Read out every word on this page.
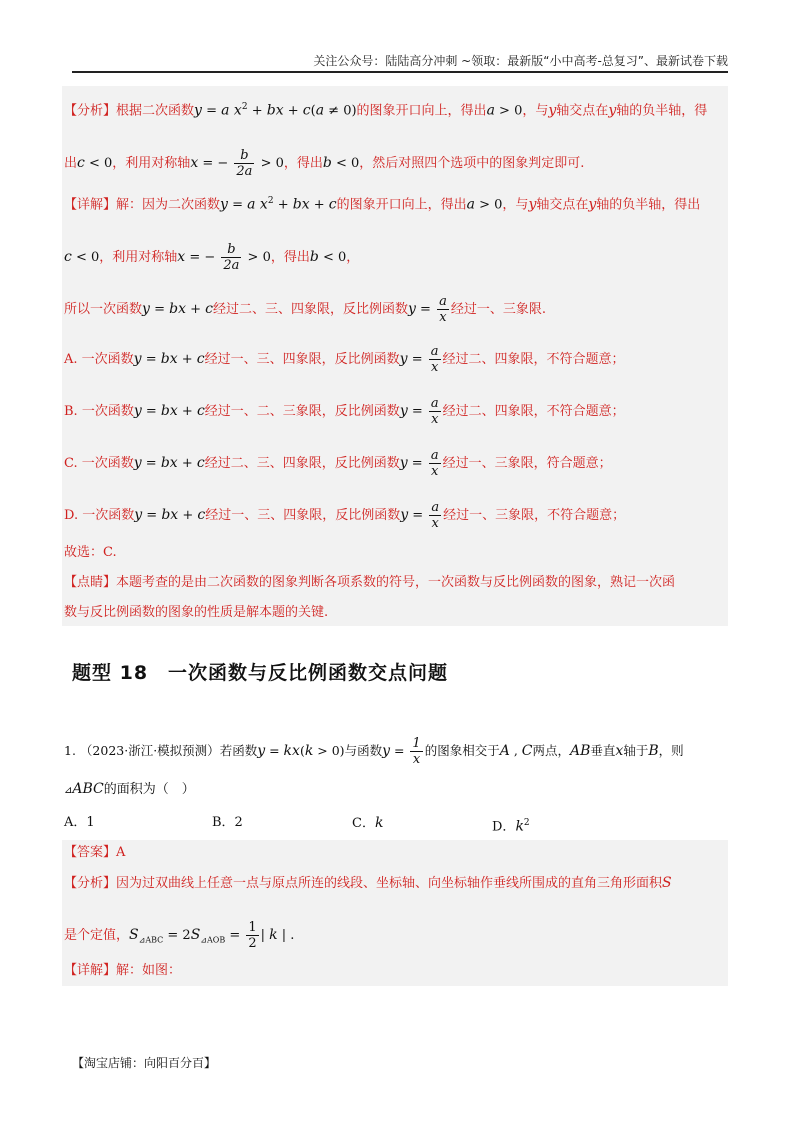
关注公众号：陆陆高分冲刺 ~领取：最新版“小中高考-总复习”、最新试卷下载
【分析】根据二次函数y = a $x^2$ + bx + c(a ≠ 0)的图象开口向上，得出a > 0，与y轴交点在y轴的负半轴，得
出c < 0，利用对称轴x = − $\frac{b}{2a} > 0$，得出b < 0，然后对照四个选项中的图象判定即可.
【详解】解：因为二次函数y = a $x^2$ + bx + c的图象开口向上，得出a > 0，与y轴交点在y轴的负半轴，得出
c < 0，利用对称轴x = − $\frac{b}{2a} > 0$，得出b < 0，
所以一次函数y = bx + c经过二、三、四象限，反比例函数$y = \frac{a}{x}$ 经过一、三象限.
A. 一次函数y = bx + c经过一、三、四象限，反比例函数$y = \frac{a}{x}$ 经过二、四象限，不符合题意；
B. 一次函数y = bx + c经过一、二、三象限，反比例函数$y = \frac{a}{x}$ 经过二、四象限，不符合题意；
C. 一次函数y = bx + c经过二、三、四象限，反比例函数$y = \frac{a}{x}$ 经过一、三象限，符合题意；
D. 一次函数y = bx + c经过一、三、四象限，反比例函数$y = \frac{a}{x}$ 经过一、三象限，不符合题意；
故选：C.
【点睛】本题考查的是由二次函数的图象判断各项系数的符号，一次函数与反比例函数的图象，熟记一次函
数与反比例函数的图象的性质是解本题的关键.
题型 18　一次函数与反比例函数交点问题
1. （2023·浙江·模拟预测）若函数y = kx(k > 0)与函数$y = \frac{1}{x}$ 的图象相交于A , C两点，AB垂直x轴于B，则
⊿ABC的面积为（　）
A．1	B．2	C．k	D．$k^2$
【答案】A
【分析】因为过双曲线上任意一点与原点所连的线段、坐标轴、向坐标轴作垂线所围成的直角三角形面积S
是个定值，$S_{⊿ABC} = 2S_{⊿AOB} = \frac{1}{2}$ | k | .
【详解】解：如图：
【淘宝店铺：向阳百分百】
